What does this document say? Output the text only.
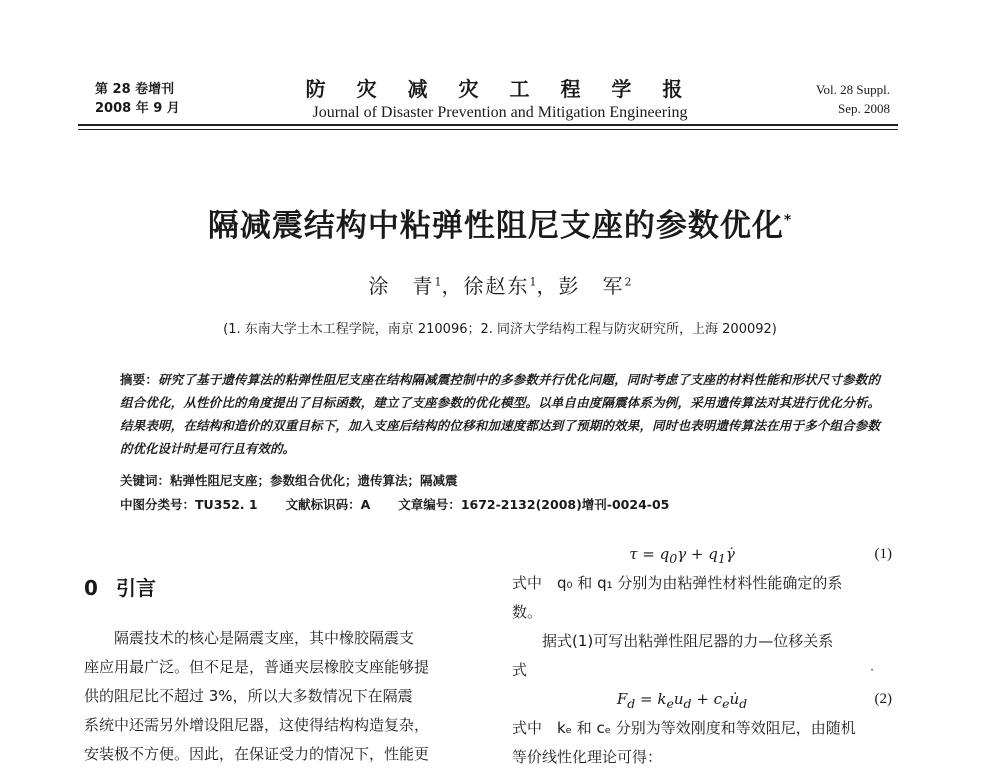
第 28 卷增刊
2008 年 9 月
防 灾 减 灾 工 程 学 报
Journal of Disaster Prevention and Mitigation Engineering
Vol. 28 Suppl.
Sep. 2008
隔减震结构中粘弹性阻尼支座的参数优化*
涂　青$^1$，徐赵东$^1$，彭　军$^2$
(1. 东南大学土木工程学院，南京 210096；2. 同济大学结构工程与防灾研究所，上海 200092)
摘要：研究了基于遗传算法的粘弹性阻尼支座在结构隔减震控制中的多参数并行优化问题，同时考虑了支座的材料性能和形状尺寸参数的组合优化，从性价比的角度提出了目标函数，建立了支座参数的优化模型。以单自由度隔震体系为例，采用遗传算法对其进行优化分析。结果表明，在结构和造价的双重目标下，加入支座后结构的位移和加速度都达到了预期的效果，同时也表明遗传算法在用于多个组合参数的优化设计时是可行且有效的。
关键词：粘弹性阻尼支座；参数组合优化；遗传算法；隔减震
中图分类号：TU352. 1 文献标识码：A 文章编号：1672-2132(2008)增刊-0024-05
0 引言
隔震技术的核心是隔震支座，其中橡胶隔震支
座应用最广泛。但不足是，普通夹层橡胶支座能够提
供的阻尼比不超过 3%，所以大多数情况下在隔震
系统中还需另外增设阻尼器，这使得结构构造复杂，
安装极不方便。因此，在保证受力的情况下，性能更
$\tau = q_0\gamma$ + $q_1\gammȧ$	(1)
式中　q₀ 和 q₁ 分别为由粘弹性材料性能确定的系
数。
据式(1)可写出粘弹性阻尼器的力—位移关系
式	·
$F_d = k_eu_d$ + $c_eu̇_d$	(2)
式中　kₑ 和 cₑ 分别为等效刚度和等效阻尼，由随机
等价线性化理论可得：
